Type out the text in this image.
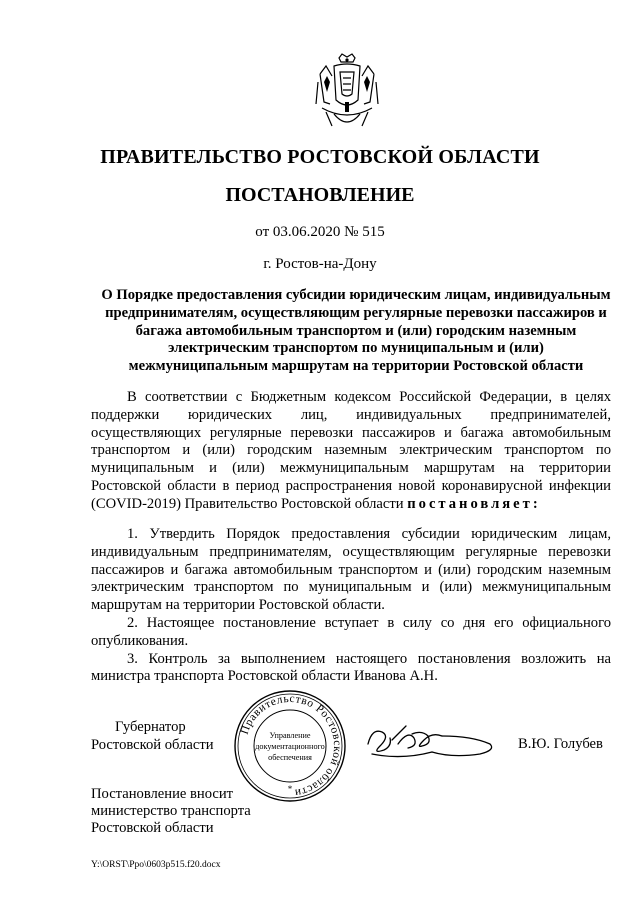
ПРАВИТЕЛЬСТВО РОСТОВСКОЙ ОБЛАСТИ
ПОСТАНОВЛЕНИЕ
от 03.06.2020 № 515
г. Ростов-на-Дону
О Порядке предоставления субсидии юридическим лицам, индивидуальным предпринимателям, осуществляющим регулярные перевозки пассажиров и багажа автомобильным транспортом и (или) городским наземным электрическим транспортом по муниципальным и (или) межмуниципальным маршрутам на территории Ростовской области
В соответствии с Бюджетным кодексом Российской Федерации, в целях поддержки юридических лиц, индивидуальных предпринимателей, осуществляющих регулярные перевозки пассажиров и багажа автомобильным транспортом и (или) городским наземным электрическим транспортом по муниципальным и (или) межмуниципальным маршрутам на территории Ростовской области в период распространения новой коронавирусной инфекции (COVID-2019) Правительство Ростовской области постановляет:

1. Утвердить Порядок предоставления субсидии юридическим лицам, индивидуальным предпринимателям, осуществляющим регулярные перевозки пассажиров и багажа автомобильным транспортом и (или) городским наземным электрическим транспортом по муниципальным и (или) межмуниципальным маршрутам на территории Ростовской области.

2. Настоящее постановление вступает в силу со дня его официального опубликования.

3. Контроль за выполнением настоящего постановления возложить на министра транспорта Ростовской области Иванова А.Н.

Губернатор
Ростовской области
Правительство Ростовской области
Управление
документационного
обеспечения
*
В.Ю. Голубев
Постановление вносит
министерство транспорта
Ростовской области
Y:\ORST\Ppo\0603p515.f20.docx
